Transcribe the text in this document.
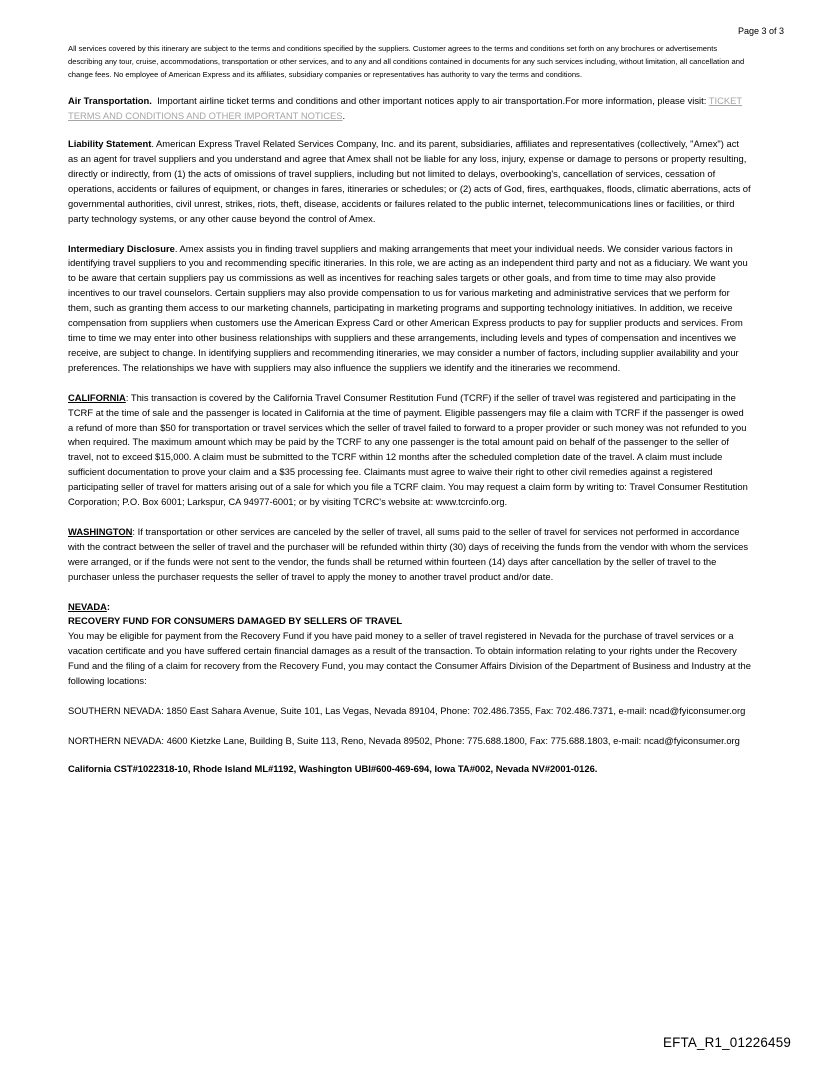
Page 3 of 3

All services covered by this itinerary are subject to the terms and conditions specified by the suppliers. Customer agrees to the terms and conditions set forth on any brochures or advertisements describing any tour, cruise, accommodations, transportation or other services, and to any and all conditions contained in documents for any such services including, without limitation, all cancellation and change fees. No employee of American Express and its affiliates, subsidiary companies or representatives has authority to vary the terms and conditions.

Air Transportation. Important airline ticket terms and conditions and other important notices apply to air transportation.For more information, please visit: TICKET TERMS AND CONDITIONS AND OTHER IMPORTANT NOTICES.

Liability Statement. American Express Travel Related Services Company, Inc. and its parent, subsidiaries, affiliates and representatives (collectively, "Amex") act as an agent for travel suppliers and you understand and agree that Amex shall not be liable for any loss, injury, expense or damage to persons or property resulting, directly or indirectly, from (1) the acts of omissions of travel suppliers, including but not limited to delays, overbooking's, cancellation of services, cessation of operations, accidents or failures of equipment, or changes in fares, itineraries or schedules; or (2) acts of God, fires, earthquakes, floods, climatic aberrations, acts of governmental authorities, civil unrest, strikes, riots, theft, disease, accidents or failures related to the public internet, telecommunications lines or facilities, or third party technology systems, or any other cause beyond the control of Amex.

Intermediary Disclosure. Amex assists you in finding travel suppliers and making arrangements that meet your individual needs. We consider various factors in identifying travel suppliers to you and recommending specific itineraries. In this role, we are acting as an independent third party and not as a fiduciary. We want you to be aware that certain suppliers pay us commissions as well as incentives for reaching sales targets or other goals, and from time to time may also provide incentives to our travel counselors. Certain suppliers may also provide compensation to us for various marketing and administrative services that we perform for them, such as granting them access to our marketing channels, participating in marketing programs and supporting technology initiatives. In addition, we receive compensation from suppliers when customers use the American Express Card or other American Express products to pay for supplier products and services. From time to time we may enter into other business relationships with suppliers and these arrangements, including levels and types of compensation and incentives we receive, are subject to change. In identifying suppliers and recommending itineraries, we may consider a number of factors, including supplier availability and your preferences. The relationships we have with suppliers may also influence the suppliers we identify and the itineraries we recommend.

CALIFORNIA: This transaction is covered by the California Travel Consumer Restitution Fund (TCRF) if the seller of travel was registered and participating in the TCRF at the time of sale and the passenger is located in California at the time of payment. Eligible passengers may file a claim with TCRF if the passenger is owed a refund of more than $50 for transportation or travel services which the seller of travel failed to forward to a proper provider or such money was not refunded to you when required. The maximum amount which may be paid by the TCRF to any one passenger is the total amount paid on behalf of the passenger to the seller of travel, not to exceed $15,000. A claim must be submitted to the TCRF within 12 months after the scheduled completion date of the travel. A claim must include sufficient documentation to prove your claim and a $35 processing fee. Claimants must agree to waive their right to other civil remedies against a registered participating seller of travel for matters arising out of a sale for which you file a TCRF claim. You may request a claim form by writing to: Travel Consumer Restitution Corporation; P.O. Box 6001; Larkspur, CA 94977-6001; or by visiting TCRC's website at: www.tcrcinfo.org.

WASHINGTON: If transportation or other services are canceled by the seller of travel, all sums paid to the seller of travel for services not performed in accordance with the contract between the seller of travel and the purchaser will be refunded within thirty (30) days of receiving the funds from the vendor with whom the services were arranged, or if the funds were not sent to the vendor, the funds shall be returned within fourteen (14) days after cancellation by the seller of travel to the purchaser unless the purchaser requests the seller of travel to apply the money to another travel product and/or date.

NEVADA:
RECOVERY FUND FOR CONSUMERS DAMAGED BY SELLERS OF TRAVEL
You may be eligible for payment from the Recovery Fund if you have paid money to a seller of travel registered in Nevada for the purchase of travel services or a vacation certificate and you have suffered certain financial damages as a result of the transaction. To obtain information relating to your rights under the Recovery Fund and the filing of a claim for recovery from the Recovery Fund, you may contact the Consumer Affairs Division of the Department of Business and Industry at the following locations:

SOUTHERN NEVADA: 1850 East Sahara Avenue, Suite 101, Las Vegas, Nevada 89104, Phone: 702.486.7355, Fax: 702.486.7371, e-mail: ncad@fyiconsumer.org

NORTHERN NEVADA: 4600 Kietzke Lane, Building B, Suite 113, Reno, Nevada 89502, Phone: 775.688.1800, Fax: 775.688.1803, e-mail: ncad@fyiconsumer.org

California CST#1022318-10, Rhode Island ML#1192, Washington UBI#600-469-694, Iowa TA#002, Nevada NV#2001-0126.

EFTA_R1_01226459
